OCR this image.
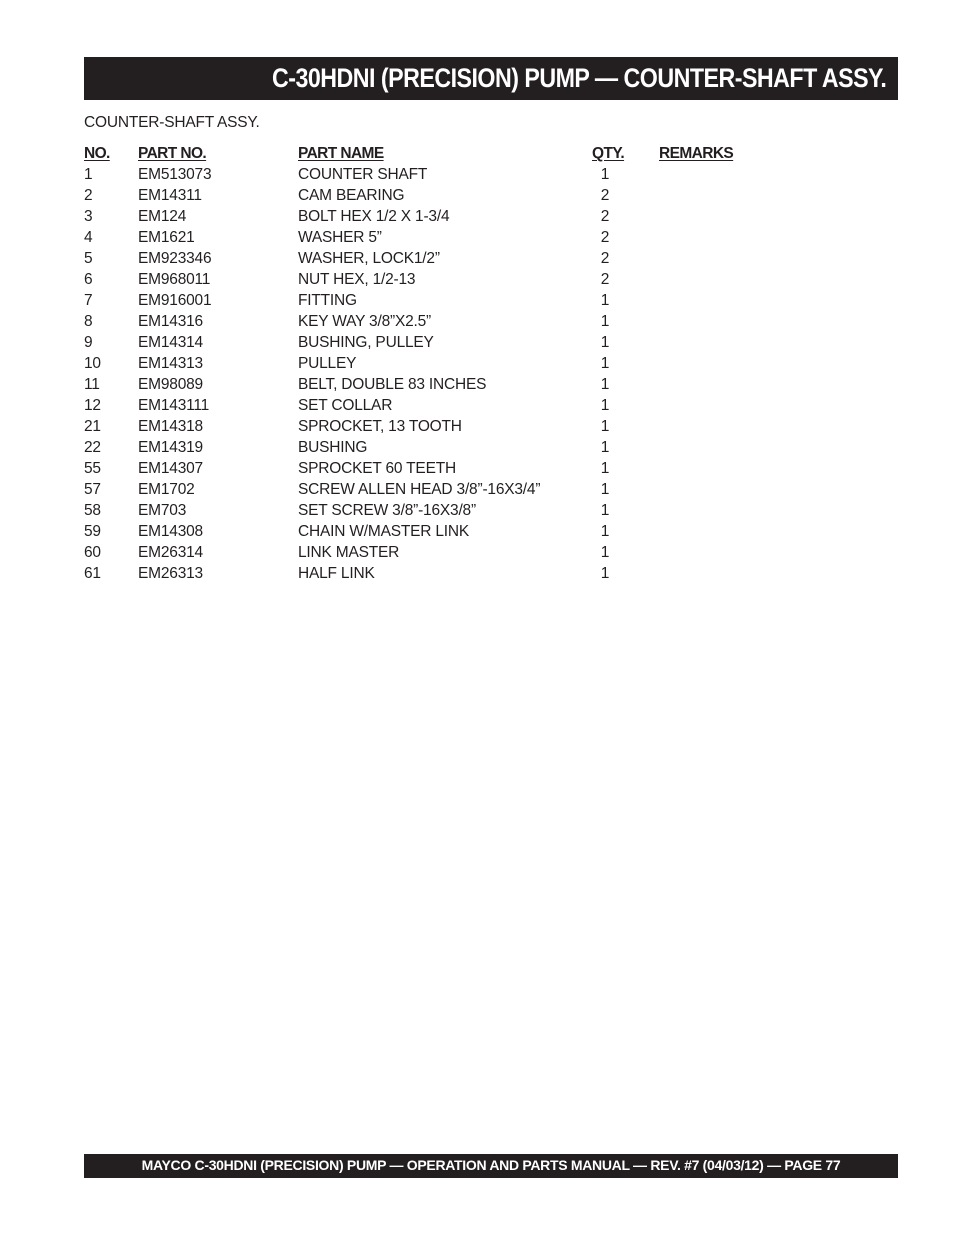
C-30HDNI (PRECISION) PUMP — COUNTER-SHAFT ASSY.
COUNTER-SHAFT ASSY.
NO. PART NO.	PART NAME	QTY. REMARKS
1	EM513073	COUNTER SHAFT	1
2	EM14311	CAM BEARING	2
3	EM124	BOLT HEX 1/2 X 1-3/4	2
4	EM1621	WASHER 5”	2
5	EM923346	WASHER, LOCK1/2”	2
6	EM968011	NUT HEX, 1/2-13	2
7	EM916001	FITTING	1
8	EM14316	KEY WAY 3/8”X2.5”	1
9	EM14314	BUSHING, PULLEY	1
10 EM14313	PULLEY	1
11 EM98089	BELT, DOUBLE 83 INCHES	1
12 EM143111	SET COLLAR	1
21 EM14318	SPROCKET, 13 TOOTH	1
22 EM14319	BUSHING	1
55 EM14307	SPROCKET 60 TEETH	1
57 EM1702	SCREW ALLEN HEAD 3/8”-16X3/4”	1
58 EM703	SET SCREW 3/8”-16X3/8”	1
59 EM14308	CHAIN W/MASTER LINK	1
60 EM26314	LINK MASTER	1
61 EM26313	HALF LINK	1
MAYCO C-30HDNI (PRECISION) PUMP — OPERATION AND PARTS MANUAL — REV. #7 (04/03/12) — PAGE 77
